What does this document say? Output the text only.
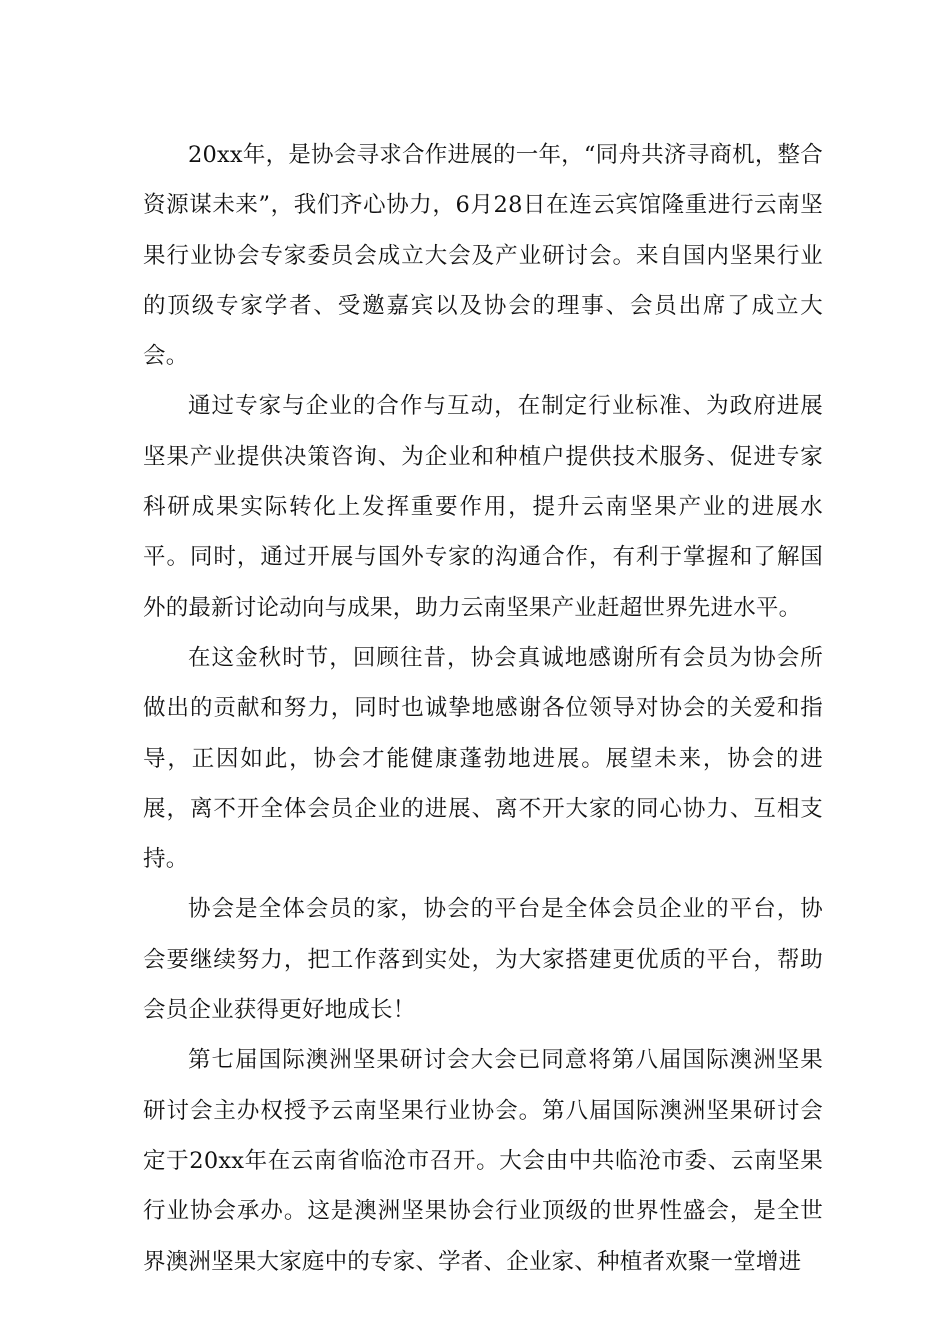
20xx年，是协会寻求合作进展的一年，“同舟共济寻商机，整合资源谋未来”，我们齐心协力，6月28日在连云宾馆隆重进行云南坚果行业协会专家委员会成立大会及产业研讨会。来自国内坚果行业的顶级专家学者、受邀嘉宾以及协会的理事、会员出席了成立大会。

通过专家与企业的合作与互动，在制定行业标准、为政府进展坚果产业提供决策咨询、为企业和种植户提供技术服务、促进专家科研成果实际转化上发挥重要作用，提升云南坚果产业的进展水平。同时，通过开展与国外专家的沟通合作，有利于掌握和了解国外的最新讨论动向与成果，助力云南坚果产业赶超世界先进水平。

在这金秋时节，回顾往昔，协会真诚地感谢所有会员为协会所做出的贡献和努力，同时也诚挚地感谢各位领导对协会的关爱和指导，正因如此，协会才能健康蓬勃地进展。展望未来，协会的进展，离不开全体会员企业的进展、离不开大家的同心协力、互相支持。

协会是全体会员的家，协会的平台是全体会员企业的平台，协会要继续努力，把工作落到实处，为大家搭建更优质的平台，帮助会员企业获得更好地成长！

第七届国际澳洲坚果研讨会大会已同意将第八届国际澳洲坚果研讨会主办权授予云南坚果行业协会。第八届国际澳洲坚果研讨会定于20xx年在云南省临沧市召开。大会由中共临沧市委、云南坚果行业协会承办。这是澳洲坚果协会行业顶级的世界性盛会，是全世界澳洲坚果大家庭中的专家、学者、企业家、种植者欢聚一堂增进
